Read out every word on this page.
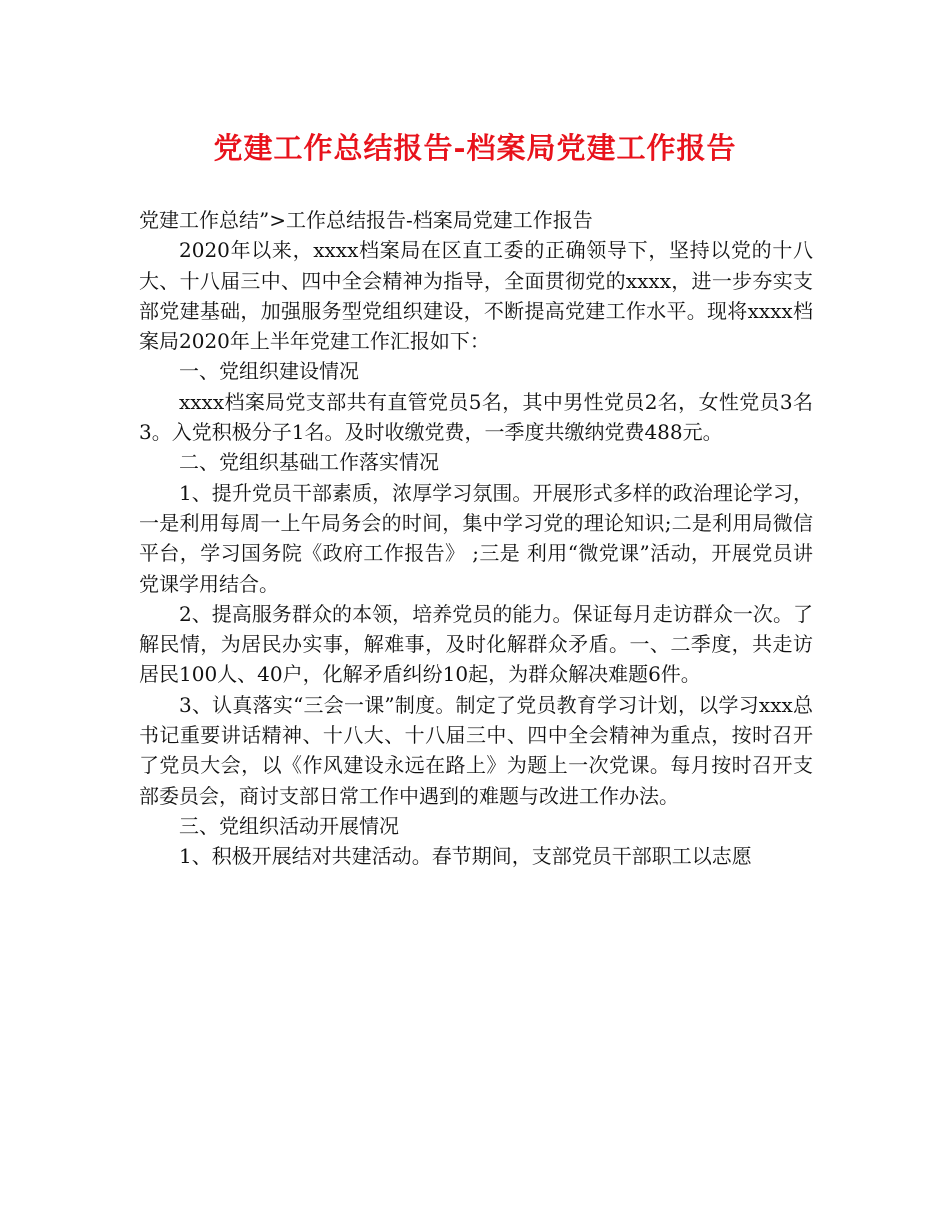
党建工作总结报告-档案局党建工作报告

党建工作总结”>工作总结报告-档案局党建工作报告

2020年以来，xxxx档案局在区直工委的正确领导下，坚持以党的十八大、十八届三中、四中全会精神为指导，全面贯彻党的xxxx，进一步夯实支部党建基础，加强服务型党组织建设，不断提高党建工作水平。现将xxxx档案局2020年上半年党建工作汇报如下：

一、党组织建设情况

xxxx档案局党支部共有直管党员5名，其中男性党员2名，女性党员3名3。入党积极分子1名。及时收缴党费，一季度共缴纳党费488元。

二、党组织基础工作落实情况

1、提升党员干部素质，浓厚学习氛围。开展形式多样的政治理论学习，一是利用每周一上午局务会的时间，集中学习党的理论知识;二是利用局微信平台，学习国务院《政府工作报告》 ;三是 利用“微党课”活动，开展党员讲党课学用结合。

2、提高服务群众的本领，培养党员的能力。保证每月走访群众一次。了解民情，为居民办实事，解难事，及时化解群众矛盾。一、二季度，共走访居民100人、40户，化解矛盾纠纷10起，为群众解决难题6件。

3、认真落实“三会一课”制度。制定了党员教育学习计划，以学习xxx总书记重要讲话精神、十八大、十八届三中、四中全会精神为重点，按时召开了党员大会，以《作风建设永远在路上》为题上一次党课。每月按时召开支部委员会，商讨支部日常工作中遇到的难题与改进工作办法。

三、党组织活动开展情况

1、积极开展结对共建活动。春节期间，支部党员干部职工以志愿
